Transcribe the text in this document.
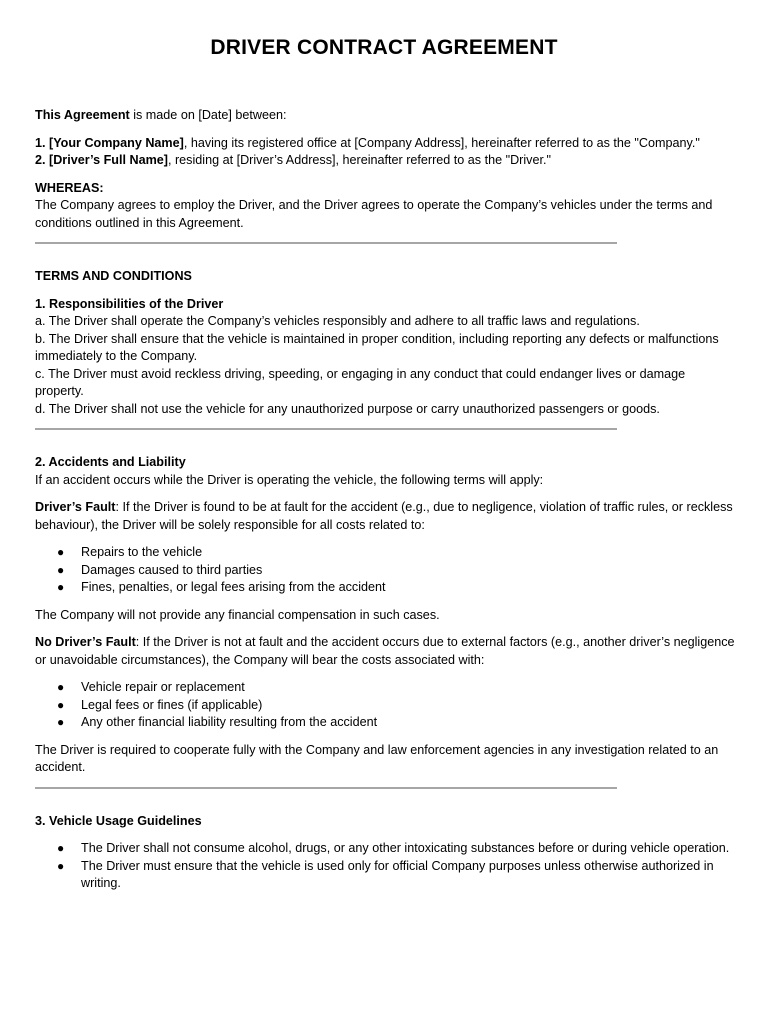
DRIVER CONTRACT AGREEMENT

This Agreement is made on [Date] between:

1. [Your Company Name], having its registered office at [Company Address], hereinafter referred to as the "Company."

2. [Driver’s Full Name], residing at [Driver’s Address], hereinafter referred to as the "Driver."

WHEREAS:

The Company agrees to employ the Driver, and the Driver agrees to operate the Company’s vehicles under the terms and conditions outlined in this Agreement.

TERMS AND CONDITIONS

1. Responsibilities of the Driver

a. The Driver shall operate the Company’s vehicles responsibly and adhere to all traffic laws and regulations.

b. The Driver shall ensure that the vehicle is maintained in proper condition, including reporting any defects or malfunctions immediately to the Company.

c. The Driver must avoid reckless driving, speeding, or engaging in any conduct that could endanger lives or damage property.

d. The Driver shall not use the vehicle for any unauthorized purpose or carry unauthorized passengers or goods.

2. Accidents and Liability

If an accident occurs while the Driver is operating the vehicle, the following terms will apply:

Driver’s Fault: If the Driver is found to be at fault for the accident (e.g., due to negligence, violation of traffic rules, or reckless behaviour), the Driver will be solely responsible for all costs related to:

● Repairs to the vehicle
● Damages caused to third parties
● Fines, penalties, or legal fees arising from the accident

The Company will not provide any financial compensation in such cases.

No Driver’s Fault: If the Driver is not at fault and the accident occurs due to external factors (e.g., another driver’s negligence or unavoidable circumstances), the Company will bear the costs associated with:

● Vehicle repair or replacement
● Legal fees or fines (if applicable)
● Any other financial liability resulting from the accident

The Driver is required to cooperate fully with the Company and law enforcement agencies in any investigation related to an accident.

3. Vehicle Usage Guidelines

● The Driver shall not consume alcohol, drugs, or any other intoxicating substances before or during vehicle operation.
● The Driver must ensure that the vehicle is used only for official Company purposes unless otherwise authorized in writing.
